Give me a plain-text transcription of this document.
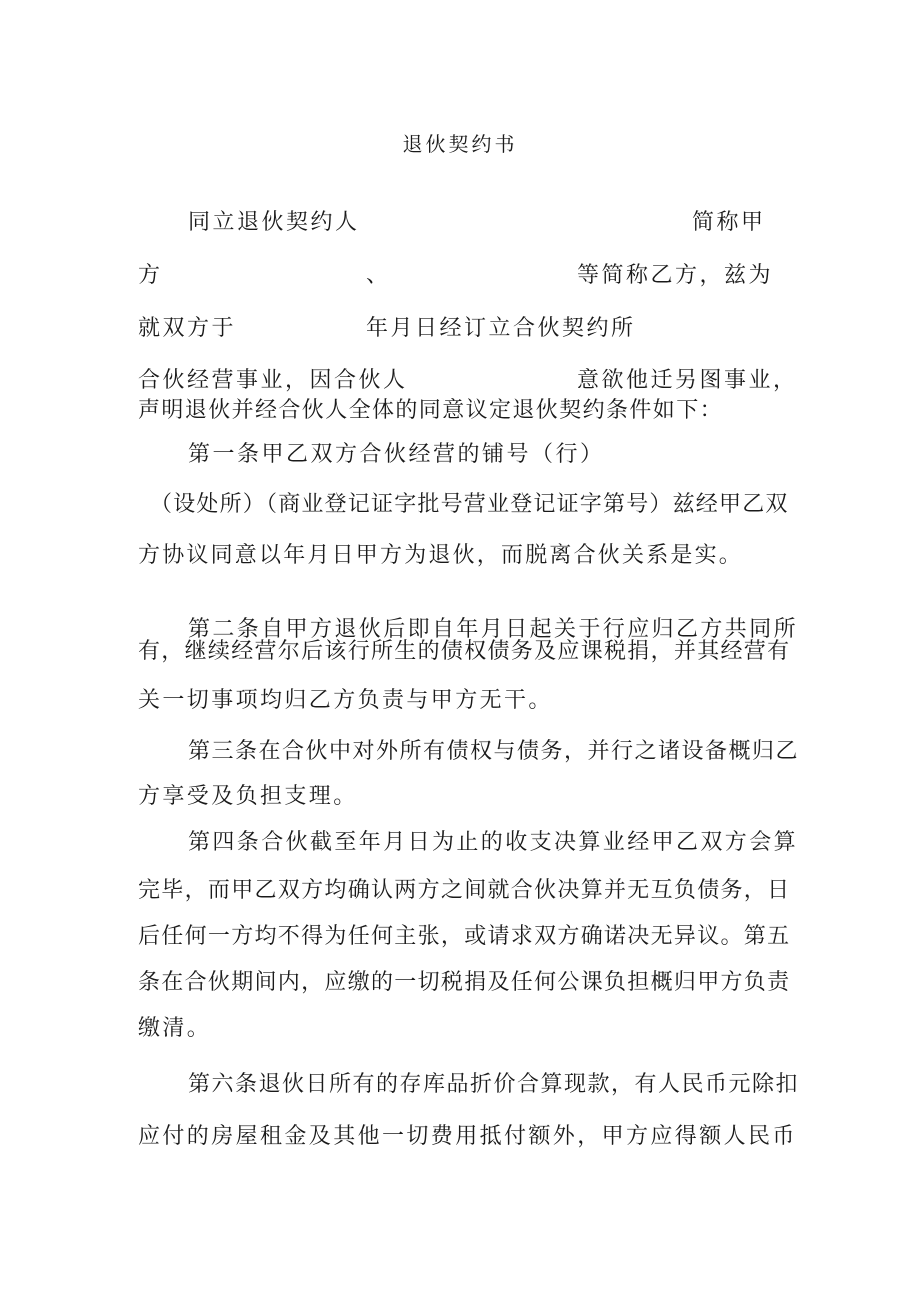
退伙契约书
同立退伙契约人	简称甲
方	、	等简称乙方，兹为
就双方于	年月日经订立合伙契约所
合伙经营事业，因合伙人	意欲他迁另图事业，
声明退伙并经合伙人全体的同意议定退伙契约条件如下：
第一条甲乙双方合伙经营的铺号（行）
（设处所）（商业登记证字批号营业登记证字第号）兹经甲乙双
方协议同意以年月日甲方为退伙，而脱离合伙关系是实。
第二条自甲方退伙后即自年月日起关于行应归乙方共同所
有，继续经营尔后该行所生的债权债务及应课税捐，并其经营有
关一切事项均归乙方负责与甲方无干。
第三条在合伙中对外所有债权与债务，并行之诸设备概归乙
方享受及负担支理。
第四条合伙截至年月日为止的收支决算业经甲乙双方会算
完毕，而甲乙双方均确认两方之间就合伙决算并无互负债务，日
后任何一方均不得为任何主张，或请求双方确诺决无异议。第五
条在合伙期间内，应缴的一切税捐及任何公课负担概归甲方负责
缴清。
第六条退伙日所有的存库品折价合算现款，有人民币元除扣
应付的房屋租金及其他一切费用抵付额外，甲方应得额人民币
